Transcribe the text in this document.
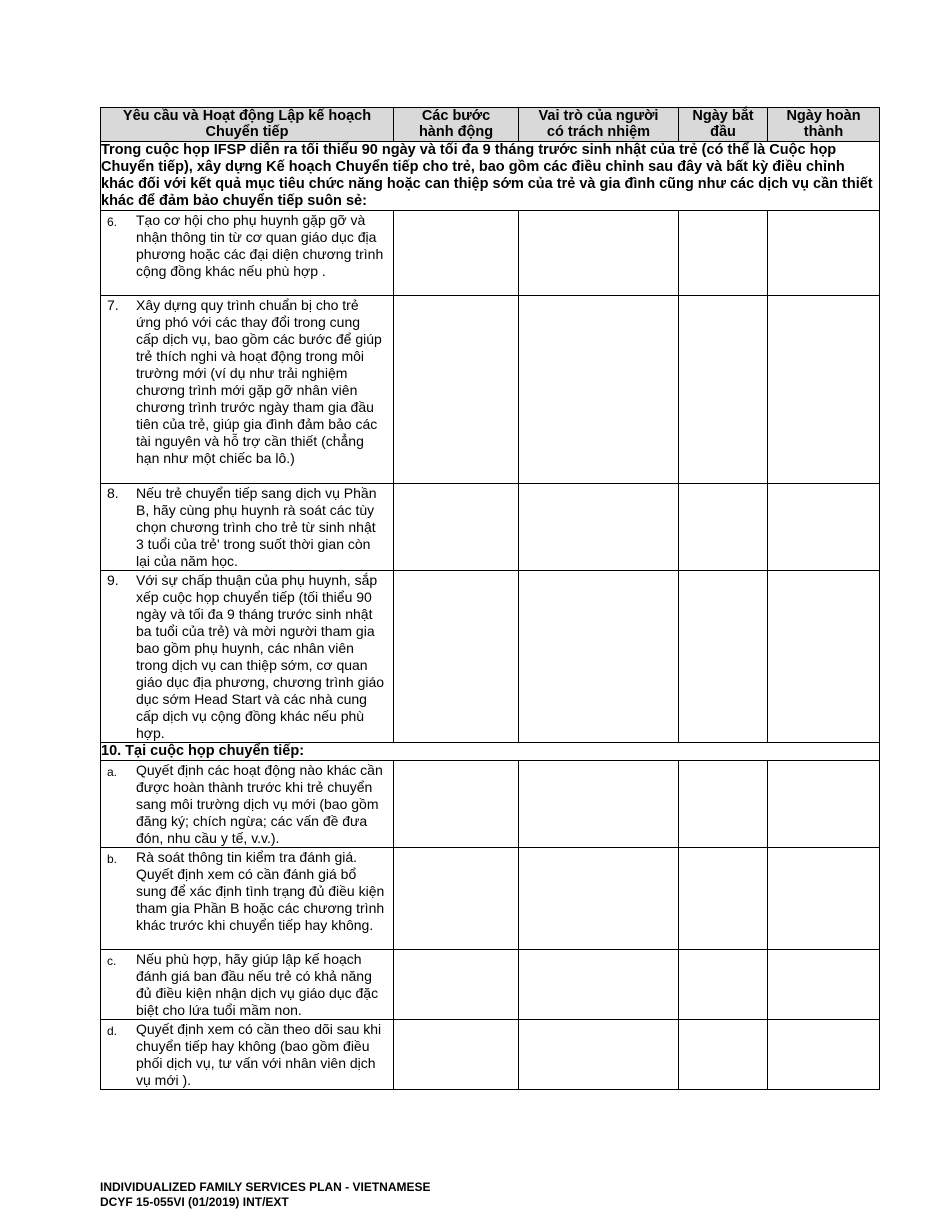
Yêu cầu và Hoạt động Lập kế hoạch Chuyển tiếp	Các bước hành động	Vai trò của người có trách nhiệm	Ngày bắt đầu	Ngày hoàn thành
Trong cuộc họp IFSP diễn ra tối thiểu 90 ngày và tối đa 9 tháng trước sinh nhật của trẻ (có thể là Cuộc họp Chuyển tiếp), xây dựng Kế hoạch Chuyển tiếp cho trẻ, bao gồm các điều chỉnh sau đây và bất kỳ điều chỉnh khác đối với kết quả mục tiêu chức năng hoặc can thiệp sớm của trẻ và gia đình cũng như các dịch vụ cần thiết khác để đảm bảo chuyển tiếp suôn sẻ:				

6. Tạo cơ hội cho phụ huynh gặp gỡ và nhận thông tin từ cơ quan giáo dục địa phương hoặc các đại diện chương trình cộng đồng khác nếu phù hợp .				

7. Xây dựng quy trình chuẩn bị cho trẻ ứng phó với các thay đổi trong cung cấp dịch vụ, bao gồm các bước để giúp trẻ thích nghi và hoạt động trong môi trường mới (ví dụ như trải nghiệm chương trình mới gặp gỡ nhân viên chương trình trước ngày tham gia đầu tiên của trẻ, giúp gia đình đảm bảo các tài nguyên và hỗ trợ cần thiết (chẳng hạn như một chiếc ba lô.)				

8. Nếu trẻ chuyển tiếp sang dịch vụ Phần B, hãy cùng phụ huynh rà soát các tùy chọn chương trình cho trẻ từ sinh nhật 3 tuổi của trẻ' trong suốt thời gian còn lại của năm học.				

9. Với sự chấp thuận của phụ huynh, sắp xếp cuộc họp chuyển tiếp (tối thiểu 90 ngày và tối đa 9 tháng trước sinh nhật ba tuổi của trẻ) và mời người tham gia bao gồm phụ huynh, các nhân viên trong dịch vụ can thiệp sớm, cơ quan giáo dục địa phương, chương trình giáo dục sớm Head Start và các nhà cung cấp dịch vụ cộng đồng khác nếu phù hợp.				

10. Tại cuộc họp chuyển tiếp:				

a. Quyết định các hoạt động nào khác cần được hoàn thành trước khi trẻ chuyển sang môi trường dịch vụ mới (bao gồm đăng ký; chích ngừa; các vấn đề đưa đón, nhu cầu y tế, v.v.).				

b. Rà soát thông tin kiểm tra đánh giá. Quyết định xem có cần đánh giá bổ sung để xác định tình trạng đủ điều kiện tham gia Phần B hoặc các chương trình khác trước khi chuyển tiếp hay không.				

c. Nếu phù hợp, hãy giúp lập kế hoạch đánh giá ban đầu nếu trẻ có khả năng đủ điều kiện nhận dịch vụ giáo dục đặc biệt cho lứa tuổi mầm non.				

d. Quyết định xem có cần theo dõi sau khi chuyển tiếp hay không (bao gồm điều phối dịch vụ, tư vấn với nhân viên dịch vụ mới ).				

INDIVIDUALIZED FAMILY SERVICES PLAN - VIETNAMESE
DCYF 15-055VI (01/2019) INT/EXT
